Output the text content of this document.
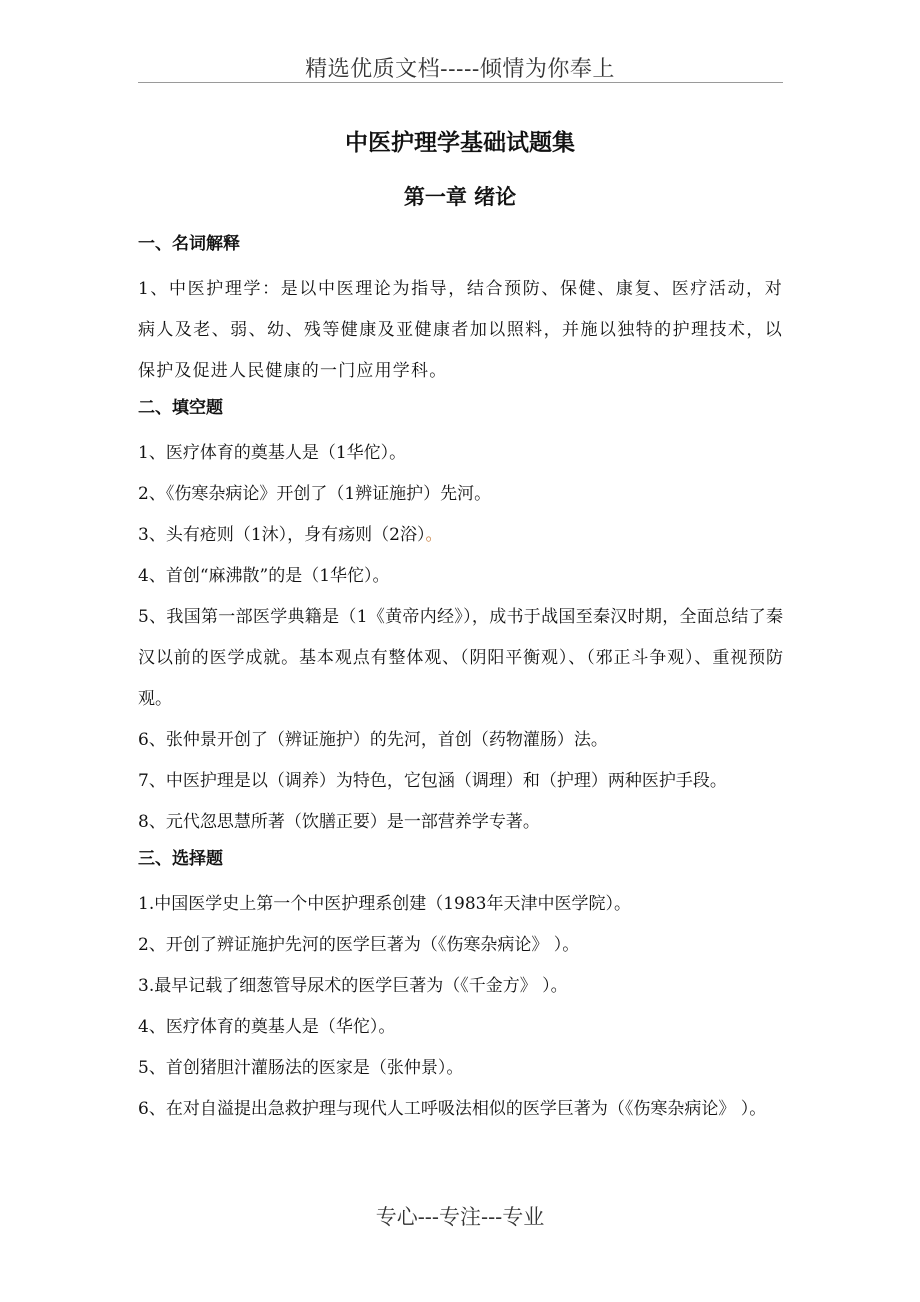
精选优质文档-----倾情为你奉上
中医护理学基础试题集
第一章 绪论
一、名词解释

1、中医护理学：是以中医理论为指导，结合预防、保健、康复、医疗活动，对病人及老、弱、幼、残等健康及亚健康者加以照料，并施以独特的护理技术，以保护及促进人民健康的一门应用学科。

二、填空题

1、医疗体育的奠基人是（1华佗）。

2、《伤寒杂病论》开创了（1辨证施护）先河。

3、头有疮则（1沐），身有疡则（2浴）。

4、首创“麻沸散”的是（1华佗）。

5、我国第一部医学典籍是（1《黄帝内经》），成书于战国至秦汉时期，全面总结了秦汉以前的医学成就。基本观点有整体观、（阴阳平衡观）、（邪正斗争观）、重视预防观。

6、张仲景开创了（辨证施护）的先河，首创（药物灌肠）法。

7、中医护理是以（调养）为特色，它包涵（调理）和（护理）两种医护手段。

8、元代忽思慧所著（饮膳正要）是一部营养学专著。

三、选择题

1.中国医学史上第一个中医护理系创建（1983年天津中医学院）。

2、开创了辨证施护先河的医学巨著为（《伤寒杂病论》 ）。

3.最早记载了细葱管导尿术的医学巨著为（《千金方》 ）。

4、医疗体育的奠基人是（华佗）。

5、首创猪胆汁灌肠法的医家是（张仲景）。

6、在对自溢提出急救护理与现代人工呼吸法相似的医学巨著为（《伤寒杂病论》 ）。

专心---专注---专业
